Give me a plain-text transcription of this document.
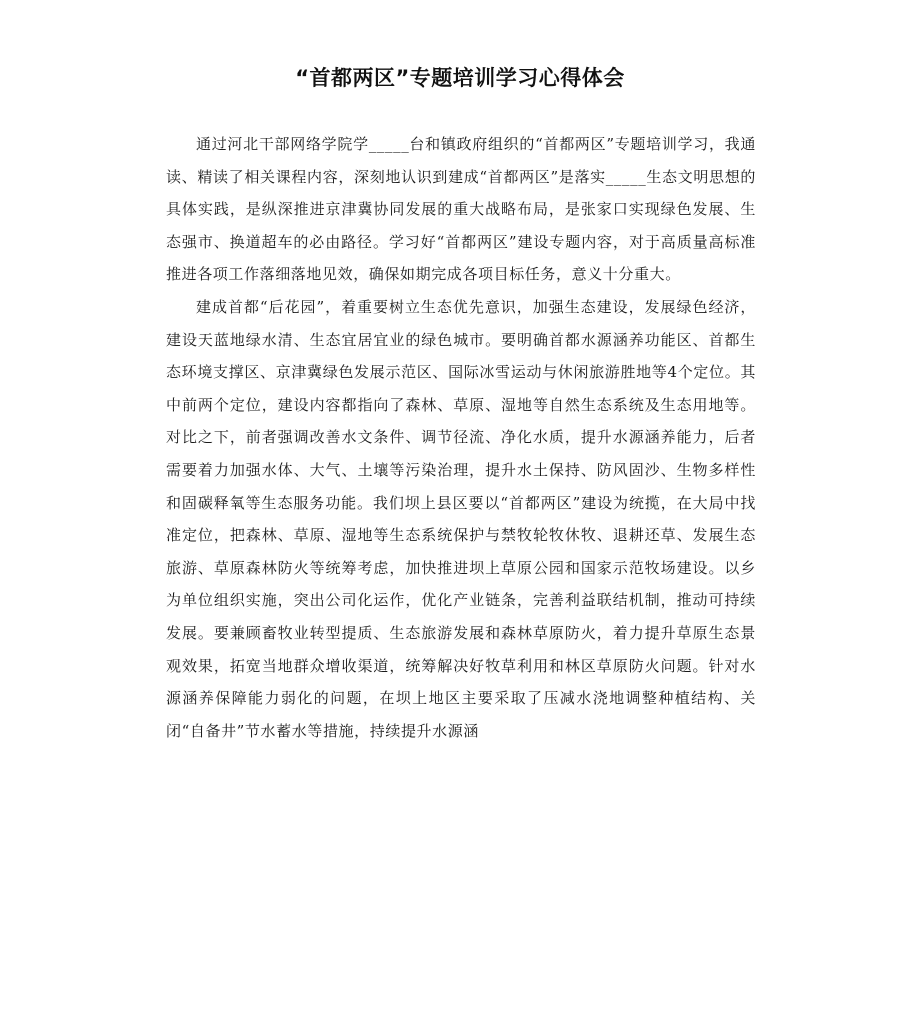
“首都两区”专题培训学习心得体会

通过河北干部网络学院学_____台和镇政府组织的“首都两区”专题培训学习，我通读、精读了相关课程内容，深刻地认识到建成“首都两区”是落实_____生态文明思想的具体实践，是纵深推进京津冀协同发展的重大战略布局，是张家口实现绿色发展、生态强市、换道超车的必由路径。学习好“首都两区”建设专题内容，对于高质量高标准推进各项工作落细落地见效，确保如期完成各项目标任务，意义十分重大。

建成首都“后花园”，着重要树立生态优先意识，加强生态建设，发展绿色经济，建设天蓝地绿水清、生态宜居宜业的绿色城市。要明确首都水源涵养功能区、首都生态环境支撑区、京津冀绿色发展示范区、国际冰雪运动与休闲旅游胜地等4个定位。其中前两个定位，建设内容都指向了森林、草原、湿地等自然生态系统及生态用地等。对比之下，前者强调改善水文条件、调节径流、净化水质，提升水源涵养能力，后者需要着力加强水体、大气、土壤等污染治理，提升水土保持、防风固沙、生物多样性和固碳释氧等生态服务功能。我们坝上县区要以“首都两区”建设为统揽，在大局中找准定位，把森林、草原、湿地等生态系统保护与禁牧轮牧休牧、退耕还草、发展生态旅游、草原森林防火等统筹考虑，加快推进坝上草原公园和国家示范牧场建设。以乡为单位组织实施，突出公司化运作，优化产业链条，完善利益联结机制，推动可持续发展。要兼顾畜牧业转型提质、生态旅游发展和森林草原防火，着力提升草原生态景观效果，拓宽当地群众增收渠道，统筹解决好牧草利用和林区草原防火问题。针对水源涵养保障能力弱化的问题，在坝上地区主要采取了压减水浇地调整种植结构、关闭“自备井”节水蓄水等措施，持续提升水源涵
